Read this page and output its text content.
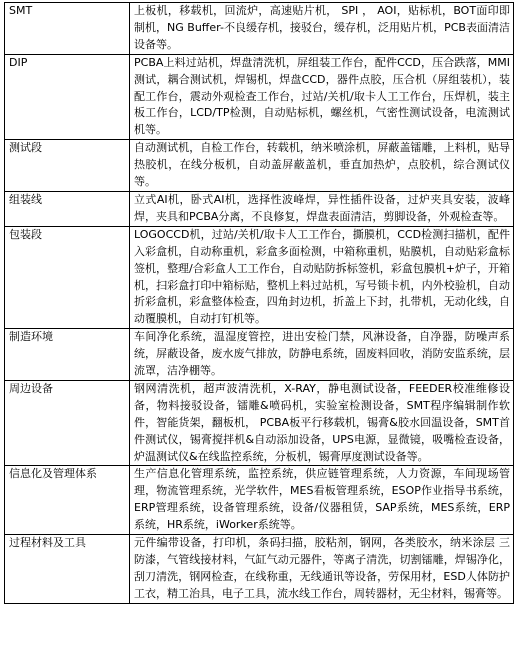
SMT	上板机，移载机，回流炉，高速贴片机， SPI ， AOI，贴标机，BOT面印即制机，NG Buffer-不良缓存机，接驳台，缓存机，泛用贴片机，PCB表面清洁设备等。
DIP	PCBA上料过站机，焊盘清洗机，屏组装工作台，配件CCD，压合跌落，MMI测试，耦合测试机，焊锡机，焊盘CCD，器件点胶，压合机（屏组装机），装配工作台，震动外观检查工作台，过站/关机/取卡人工工作台，压焊机，装主板工作台，LCD/TP检测，自动贴标机，螺丝机，气密性测试设备，电流测试机等。
测试段	自动测试机，自检工作台，转载机，纳米喷涂机，屏蔽盖镭雕，上料机，贴导热胶机，在线分板机，自动盖屏蔽盖机，垂直加热炉，点胶机，综合测试仪等。
组装线	立式AI机，卧式AI机，选择性波峰焊，异性插件设备，过炉夹具安装，波峰焊，夹具和PCBA分离，不良修复，焊盘表面清洁，剪脚设备，外观检查等。
包装段	LOGOCCD机，过站/关机/取卡人工工作台，撕膜机，CCD检测扫描机，配件入彩盒机，自动称重机，彩盒多面检测，中箱称重机，贴膜机，自动贴彩盒标签机，整理/合彩盒人工工作台，自动贴防拆标签机，彩盒包膜机+炉子，开箱机，扫彩盒打印中箱标贴，整机上料过站机，写号锁卡机，内外校验机，自动折彩盒机，彩盒整体检查，四角封边机，折盖上下封，扎带机，无动化线，自动覆膜机，自动打钉机等。
制造环境	车间净化系统，温湿度管控，进出安检门禁，风淋设备，自净器，防噪声系统，屏蔽设备，废水废气排放，防静电系统，固废料回收，消防安监系统，层流罩，洁净棚等。
周边设备	钢网清洗机，超声波清洗机，X-RAY，静电测试设备，FEEDER校准维修设备，物料接驳设备，镭雕&喷码机，实验室检测设备，SMT程序编辑制作软件，智能货架，翻板机， PCBA板平行移载机，锡膏&胶水回温设备，SMT首件测试仪，锡膏搅拌机&自动添加设备，UPS电源，显微镜，吸嘴检查设备，炉温测试仪&在线监控系统，分板机，锡膏厚度测试设备等。
信息化及管理体系	生产信息化管理系统，监控系统，供应链管理系统，人力资源，车间现场管理，物流管理系统，光学软件，MES看板管理系统，ESOP作业指导书系统，ERP管理系统，设备管理系统，设备/仪器租赁，SAP系统，MES系统，ERP系统，HR系统，iWorker系统等。
过程材料及工具	元件编带设备，打印机，条码扫描，胶粘剂，钢网，各类胶水，纳米涂层 三防漆，气管线接材料，气缸气动元器件，等离子清洗，切割镭雕，焊锡净化，刮刀清洗，钢网检查，在线称重，无线通讯等设备，劳保用材，ESD人体防护工衣，精工治具，电子工具，流水线工作台，周转器材，无尘材料，锡膏等。
